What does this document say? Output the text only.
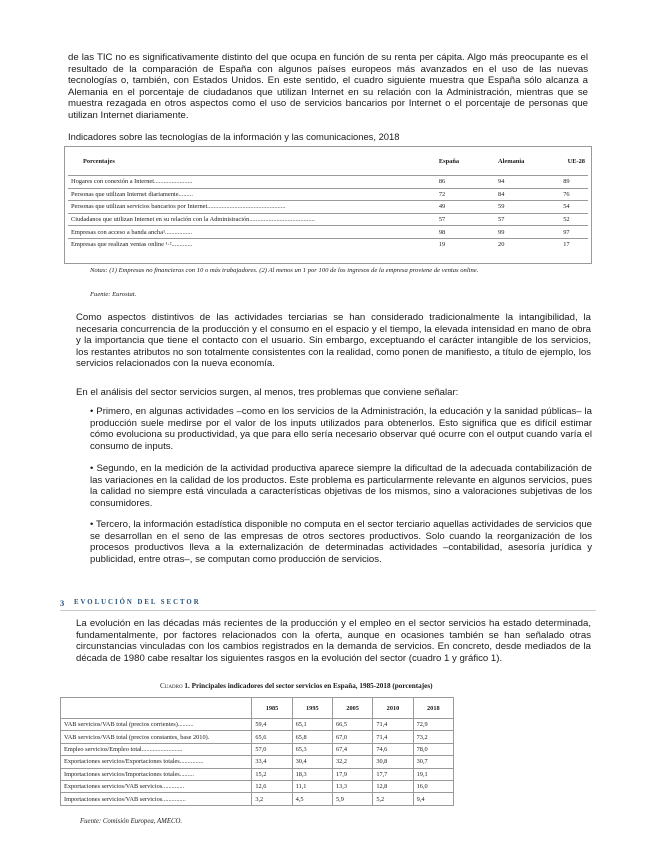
de las TIC no es significativamente distinto del que ocupa en función de su renta per cápita. Algo más preocupante es el resultado de la comparación de España con algunos países europeos más avanzados en el uso de las nuevas tecnologías o, también, con Estados Unidos. En este sentido, el cuadro siguiente muestra que España sólo alcanza a Alemania en el porcentaje de ciudadanos que utilizan Internet en su relación con la Administración, mientras que se muestra rezagada en otros aspectos como el uso de servicios bancarios por Internet o el porcentaje de personas que utilizan Internet diariamente.

Indicadores sobre las tecnologías de la información y las comunicaciones, 2018
Porcentajes	España	Alemania	UE-28
Hogares con conexión a Internet........................	86	94	89
Personas que utilizan Internet diariamente.........	72	84	76
Personas que utilizan servicios bancarios por Internet.................................................	49	59	54
Ciudadanos que utilizan Internet en su relación con la Administración.........................................	57	57	52
Empresas con acceso a banda ancha¹.................	98	99	97
Empresas que realizan ventas online ¹·².............	19	20	17
Notas: (1) Empresas no financieras con 10 o más trabajadores. (2) Al menos un 1 por 100 de los ingresos de la empresa proviene de ventas online.
Fuente: Eurostat.

Como aspectos distintivos de las actividades terciarias se han considerado tradicionalmente la intangibilidad, la necesaria concurrencia de la producción y el consumo en el espacio y el tiempo, la elevada intensidad en mano de obra y la importancia que tiene el contacto con el usuario. Sin embargo, exceptuando el carácter intangible de los servicios, los restantes atributos no son totalmente consistentes con la realidad, como ponen de manifiesto, a título de ejemplo, los servicios relacionados con la nueva economía.

En el análisis del sector servicios surgen, al menos, tres problemas que conviene señalar:

• Primero, en algunas actividades –como en los servicios de la Administración, la educación y la sanidad públicas– la producción suele medirse por el valor de los inputs utilizados para obtenerlos. Esto significa que es difícil estimar cómo evoluciona su productividad, ya que para ello sería necesario observar qué ocurre con el output cuando varía el consumo de inputs.

• Segundo, en la medición de la actividad productiva aparece siempre la dificultad de la adecuada contabilización de las variaciones en la calidad de los productos. Este problema es particularmente relevante en algunos servicios, pues la calidad no siempre está vinculada a características objetivas de los mismos, sino a valoraciones subjetivas de los consumidores.

• Tercero, la información estadística disponible no computa en el sector terciario aquellas actividades de servicios que se desarrollan en el seno de las empresas de otros sectores productivos. Solo cuando la reorganización de los procesos productivos lleva a la externalización de determinadas actividades –contabilidad, asesoría jurídica y publicidad, entre otras–, se computan como producción de servicios.

3 EVOLUCIÓN DEL SECTOR

La evolución en las décadas más recientes de la producción y el empleo en el sector servicios ha estado determinada, fundamentalmente, por factores relacionados con la oferta, aunque en ocasiones también se han señalado otras circunstancias vinculadas con los cambios registrados en la demanda de servicios. En concreto, desde mediados de la década de 1980 cabe resaltar los siguientes rasgos en la evolución del sector (cuadro 1 y gráfico 1).

Cuadro 1. Principales indicadores del sector servicios en España, 1985-2018 (porcentajes)
	1985	1995	2005	2010	2018
VAB servicios/VAB total (precios corrientes)..........	59,4	65,1	66,5	71,4	72,9
VAB servicios/VAB total (precios constantes, base 2010).	65,6	65,8	67,0	71,4	73,2
Empleo servicios/Empleo total..........................	57,0	65,3	67,4	74,6	78,0
Exportaciones servicios/Exportaciones totales...............	33,4	30,4	32,2	30,8	30,7
Importaciones servicios/Importaciones totales.........	15,2	18,3	17,9	17,7	19,1
Exportaciones servicios/VAB servicios..............	12,6	11,1	13,3	12,8	16,0
Importaciones servicios/VAB servicios...............	3,2	4,5	5,9	5,2	9,4
Fuente: Comisión Europea, AMECO.
